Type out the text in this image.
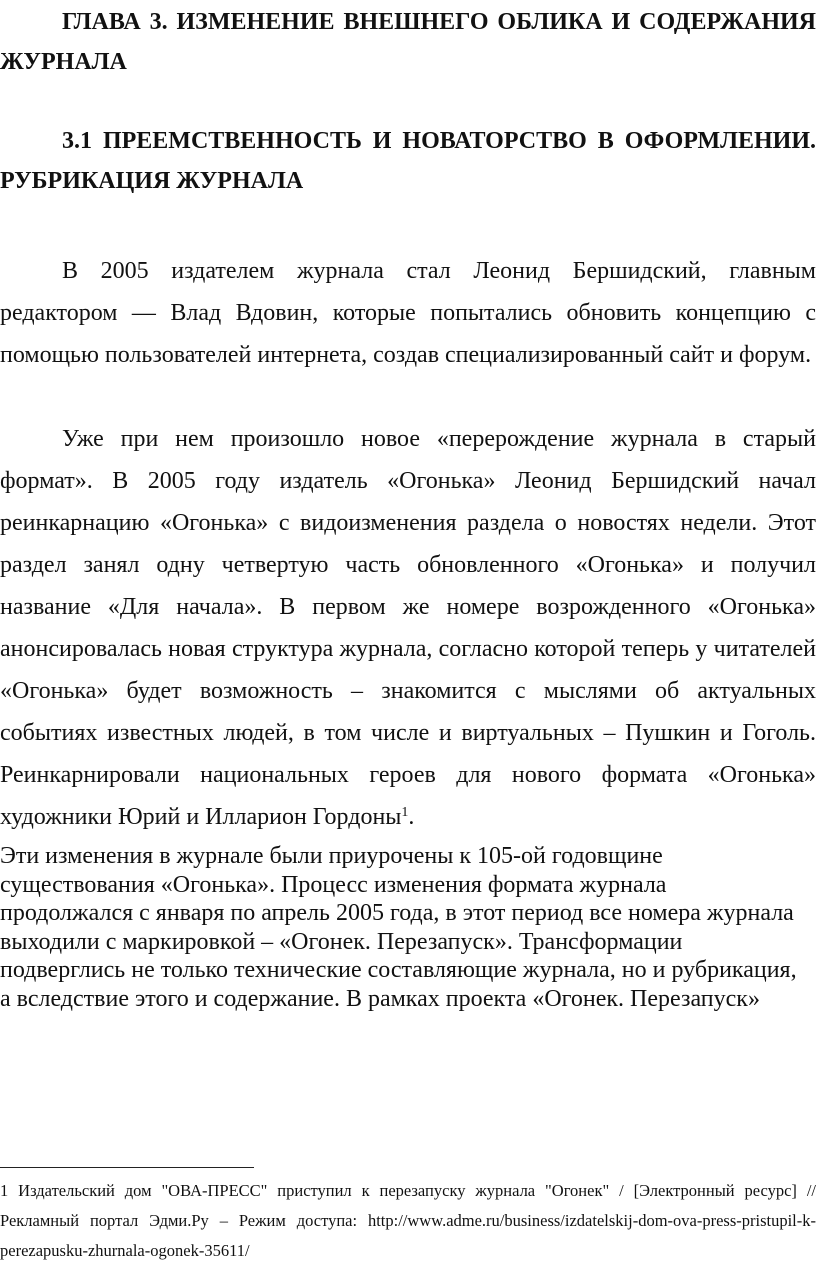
ГЛАВА 3. ИЗМЕНЕНИЕ ВНЕШНЕГО ОБЛИКА И СОДЕРЖАНИЯ
ЖУРНАЛА
3.1 ПРЕЕМСТВЕННОСТЬ И НОВАТОРСТВО В ОФОРМЛЕНИИ.
РУБРИКАЦИЯ ЖУРНАЛА

В 2005 издателем журнала стал Леонид Бершидский, главным редактором — Влад Вдовин, которые попытались обновить концепцию с помощью пользователей интернета, создав специализированный сайт и форум.

Уже при нем произошло новое «перерождение журнала в старый формат». В 2005 году издатель «Огонька» Леонид Бершидский начал реинкарнацию «Огонька» с видоизменения раздела о новостях недели. Этот раздел занял одну четвертую часть обновленного «Огонька» и получил название «Для начала». В первом же номере возрожденного «Огонька» анонсировалась новая структура журнала, согласно которой теперь у читателей «Огонька» будет возможность – знакомится с мыслями об актуальных событиях известных людей, в том числе и виртуальных – Пушкин и Гоголь. Реинкарнировали национальных героев для нового формата «Огонька» художники Юрий и Илларион Гордоны$^1$.

Эти изменения в журнале были приурочены к 105-ой годовщине
существования «Огонька». Процесс изменения формата журнала
продолжался с января по апрель 2005 года, в этот период все номера журнала
выходили с маркировкой – «Огонек. Перезапуск». Трансформации
подверглись не только технические составляющие журнала, но и рубрикация,
а вследствие этого и содержание. В рамках проекта «Огонек. Перезапуск»

1 Издательский дом "ОВА-ПРЕСС" приступил к перезапуску журнала "Огонек" / [Электронный ресурс] // Рекламный портал Эдми.Ру – Режим доступа: http://www.adme.ru/business/izdatelskij-dom-ova-press-pristupil-k-perezapusku-zhurnala-ogonek-35611/
